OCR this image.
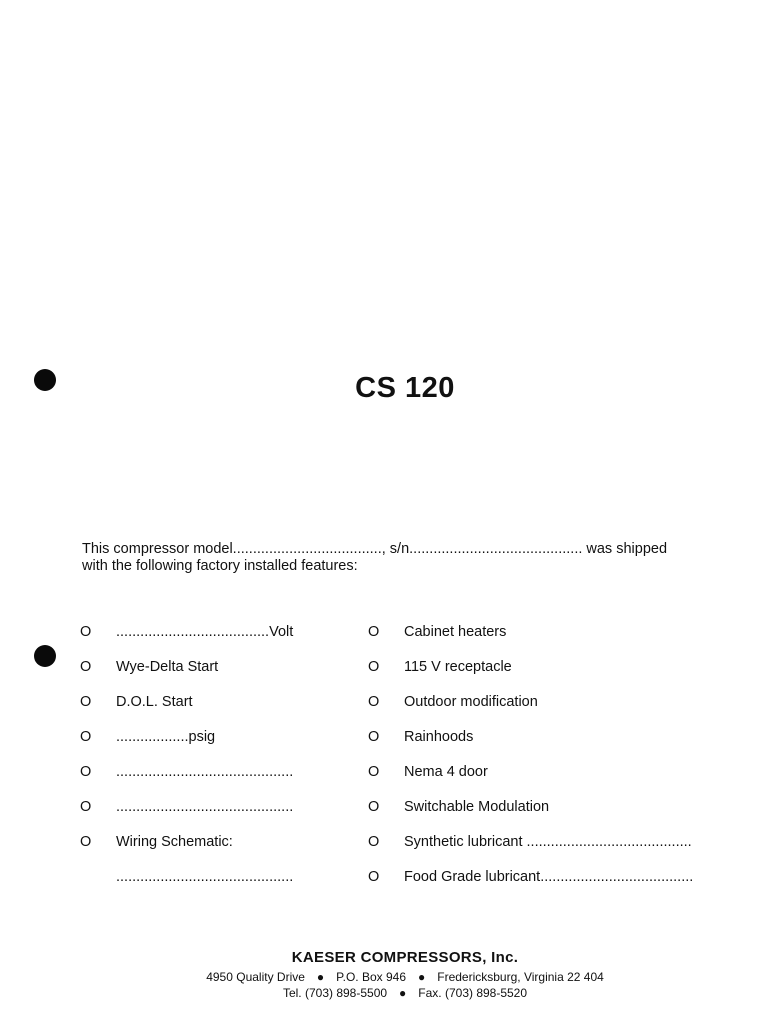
CS 120
This compressor model....................................., s/n........................................... was shipped
with the following factory installed features:
O ......................................Volt
O Wye-Delta Start
O D.O.L. Start
O ..................psig
O ............................................
O ............................................
O Wiring Schematic:
............................................
O Cabinet heaters
O 115 V receptacle
O Outdoor modification
O Rainhoods
O Nema 4 door
O Switchable Modulation
O Synthetic lubricant .........................................
O Food Grade lubricant......................................
KAESER COMPRESSORS, Inc.
4950 Quality Drive ● P.O. Box 946 ● Fredericksburg, Virginia 22 404
Tel. (703) 898-5500 ● Fax. (703) 898-5520
